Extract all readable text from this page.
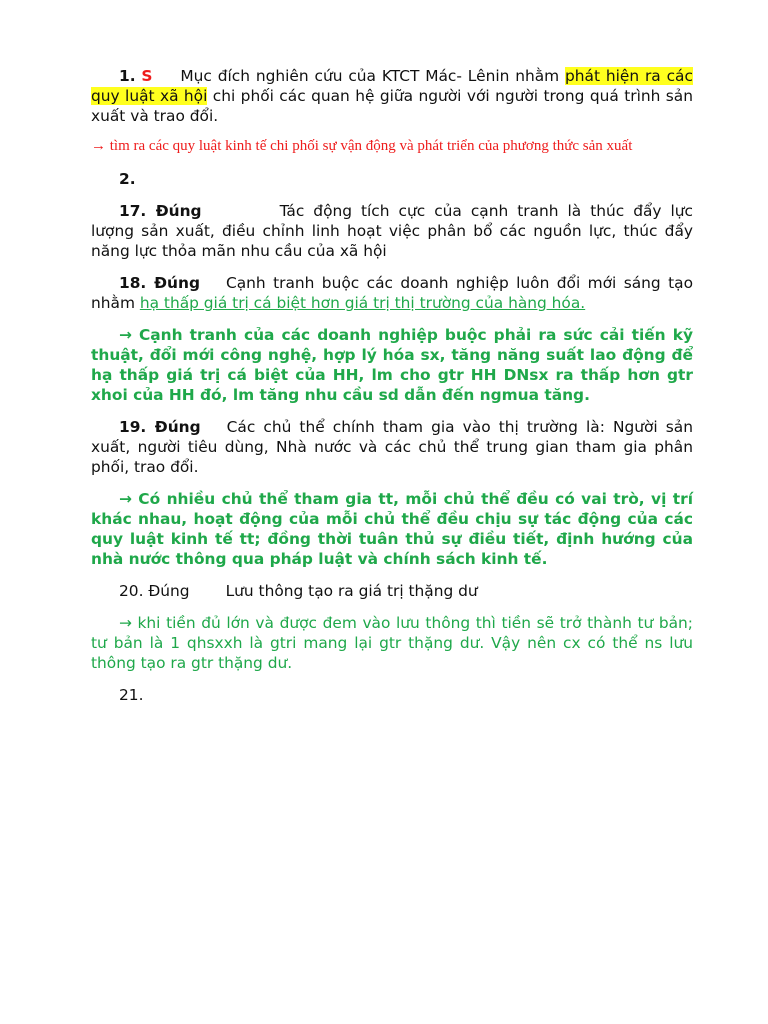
1. S Mục đích nghiên cứu của KTCT Mác- Lênin nhằm phát hiện ra các quy luật xã hội chi phối các quan hệ giữa người với người trong quá trình sản xuất và trao đổi.

→ tìm ra các quy luật kinh tế chi phối sự vận động và phát triển của phương thức sản xuất

2.

17. Đúng	Tác động tích cực của cạnh tranh là thúc đẩy lực lượng sản xuất, điều chỉnh linh hoạt việc phân bổ các nguồn lực, thúc đẩy năng lực thỏa mãn nhu cầu của xã hội

18. Đúng Cạnh tranh buộc các doanh nghiệp luôn đổi mới sáng tạo nhằm hạ thấp giá trị cá biệt hơn giá trị thị trường của hàng hóa.

→ Cạnh tranh của các doanh nghiệp buộc phải ra sức cải tiến kỹ thuật, đổi mới công nghệ, hợp lý hóa sx, tăng năng suất lao động để hạ thấp giá trị cá biệt của HH, lm cho gtr HH DNsx ra thấp hơn gtr xhoi của HH đó, lm tăng nhu cầu sd dẫn đến ngmua tăng.

19. Đúng Các chủ thể chính tham gia vào thị trường là: Người sản xuất, người tiêu dùng, Nhà nước và các chủ thể trung gian tham gia phân phối, trao đổi.

→ Có nhiều chủ thể tham gia tt, mỗi chủ thể đều có vai trò, vị trí khác nhau, hoạt động của mỗi chủ thể đều chịu sự tác động của các quy luật kinh tế tt; đồng thời tuân thủ sự điều tiết, định hướng của nhà nước thông qua pháp luật và chính sách kinh tế.

20. Đúng Lưu thông tạo ra giá trị thặng dư

→ khi tiền đủ lớn và được đem vào lưu thông thì tiền sẽ trở thành tư bản; tư bản là 1 qhsxxh là gtri mang lại gtr thặng dư. Vậy nên cx có thể ns lưu thông tạo ra gtr thặng dư.

21.
